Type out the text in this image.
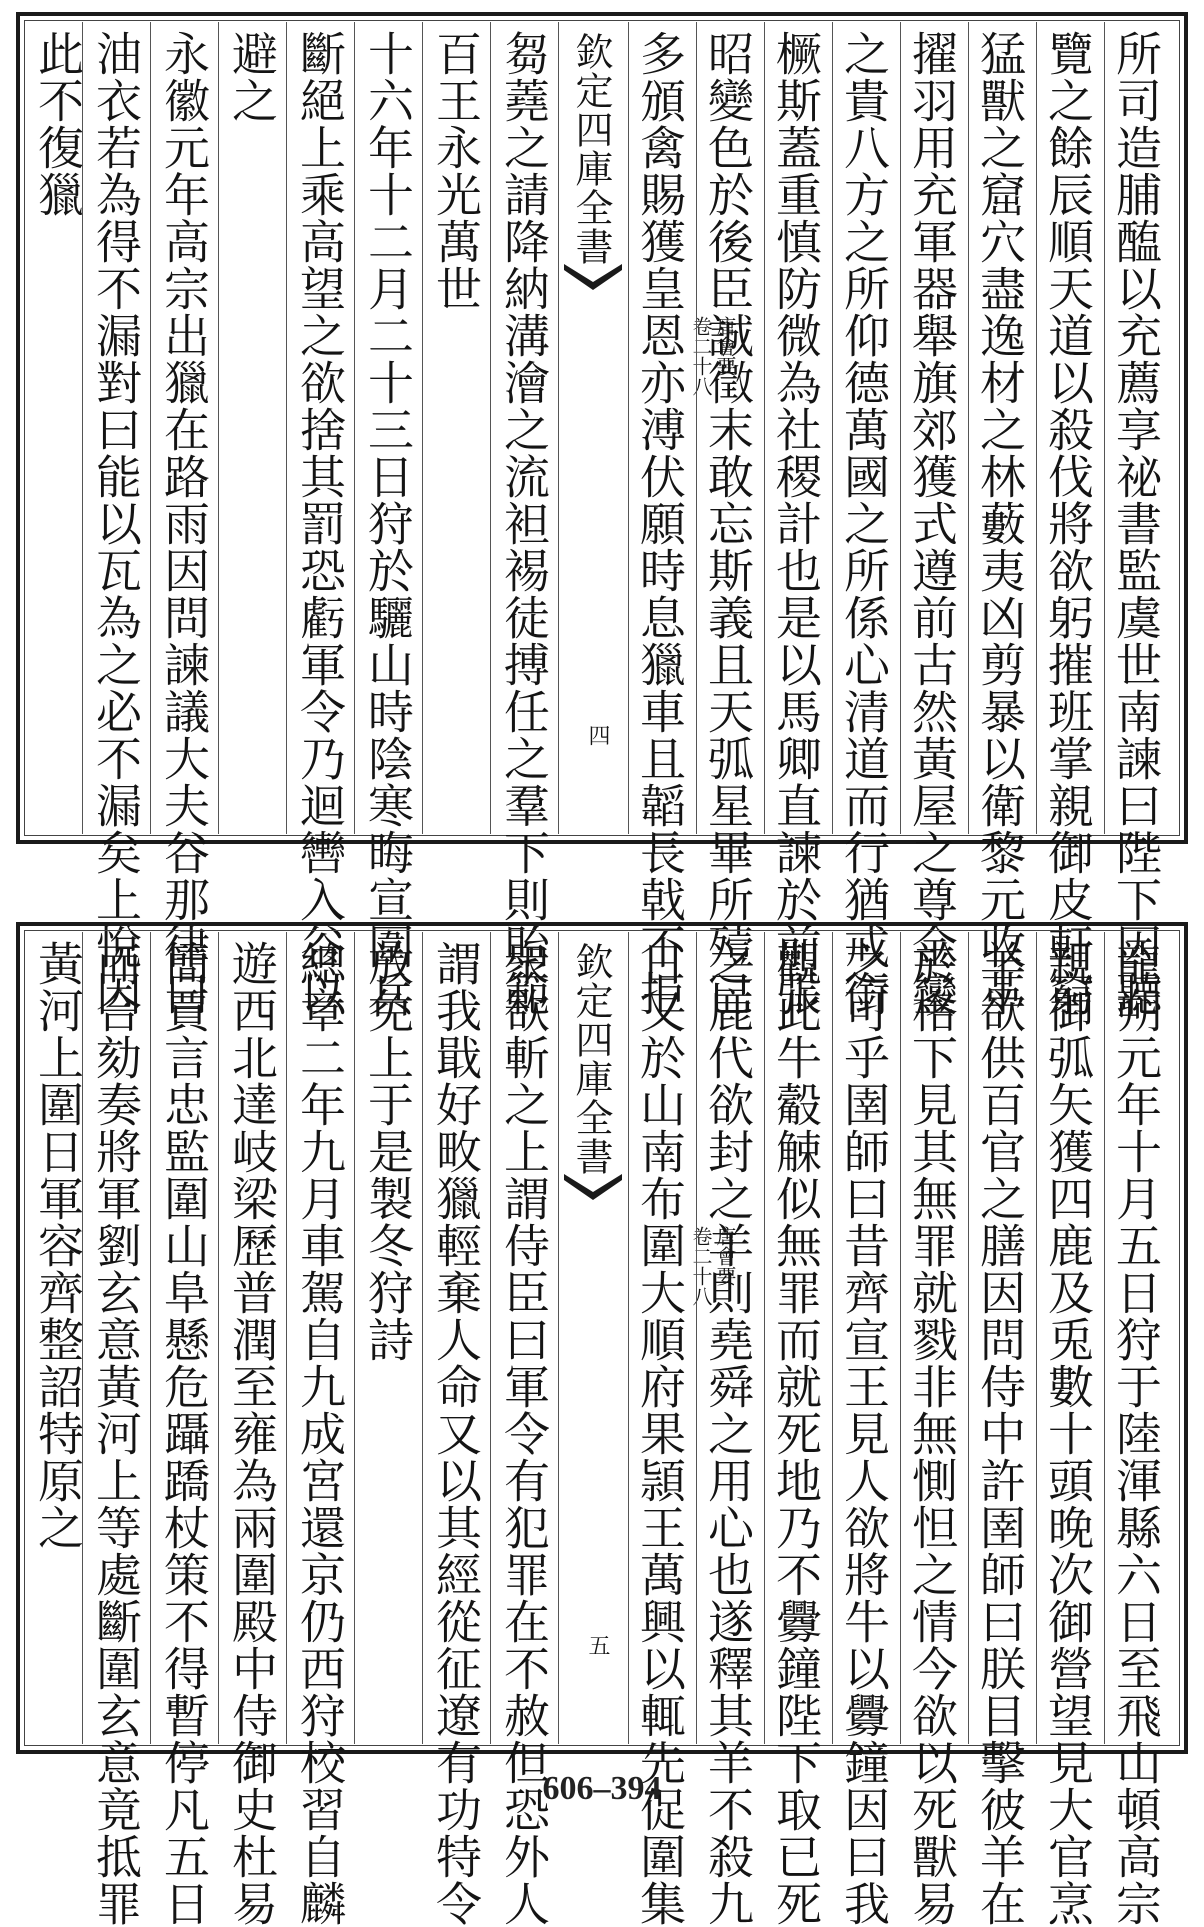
所司造脯醢以充薦享祕書監虞世南諫曰陛下因聽
覽之餘辰順天道以殺伐將欲躬摧班掌親御皮軒窮
猛獸之窟穴盡逸材之林藪夷凶剪暴以衛黎元收革
擢羽用充軍器舉旗郊獲式遵前古然黃屋之尊金鑾
之貴八方之所仰德萬國之所係心清道而行猶戒銜
橛斯蓋重慎防微為社稷計也是以馬卿直諫於前張
昭變色於後臣誠徵末敢忘斯義且天弧星畢所殪已
多頒禽賜獲皇恩亦溥伏願時息獵車且韜長戟不拒
欽定四庫全書
唐會要
卷二十八
四
芻蕘之請降納溝澮之流袒裼徒搏任之羣下則貽範
百王永光萬世
十六年十二月二十三日狩於驪山時陰寒晦宣圍兵
斷絕上乘高望之欲捨其罰恐虧軍令乃迴轡入谷以
避之
永徽元年高宗出獵在路雨因問諫議大夫谷那律曰
油衣若為得不漏對曰能以瓦為之必不漏矣上悅因
此不復獵
龍朔元年十月五日狩于陸渾縣六日至飛山頓高宗
親御弧矢獲四鹿及兎數十頭晚次御營望見大官烹
羊欲供百官之膳因問侍中許圉師曰朕目擊彼羊在
於格下見其無罪就戮非無惻怛之情今欲以死獸易
之可乎圉師曰昔齊宣王見人欲將牛以釁鐘因曰我
觀此牛觳觫似無罪而就死地乃不釁鐘陛下取已死
之鹿代欲封之羊則堯舜之用心也遂釋其羊不殺九
日又於山南布圍大順府果頴王萬興以輒先促圍集
欽定四庫全書
唐會要
卷二十八
五
衆欲斬之上謂侍臣曰軍令有犯罪在不赦但恐外人
謂我戢好畋獵輕棄人命又以其經從征遼有功特令
放免上于是製冬狩詩
總章二年九月車駕自九成宮還京仍西狩校習自麟
遊西北達岐梁歷普潤至雍為兩圍殿中侍御史杜易
簡賈言忠監圍山阜懸危躡蹻杖策不得暫停凡五日
而合劾奏將軍劉玄意黃河上等處斷圍玄意竟抵罪
黃河上圍日軍容齊整詔特原之
606–394
